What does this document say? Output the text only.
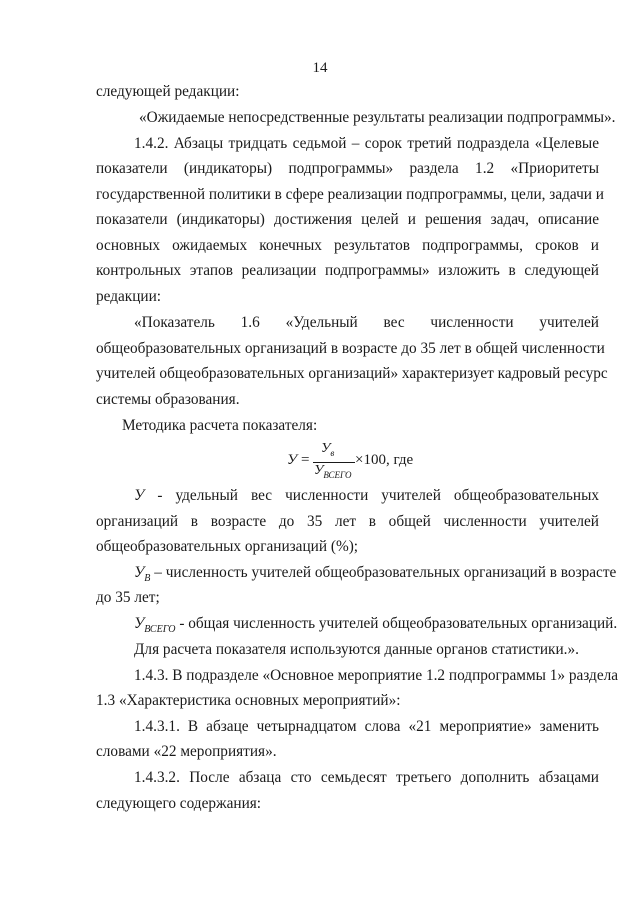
14
следующей редакции:
«Ожидаемые непосредственные результаты реализации подпрограммы».
1.4.2. Абзацы тридцать седьмой – сорок третий подраздела «Целевые
показатели (индикаторы) подпрограммы» раздела 1.2 «Приоритеты
государственной политики в сфере реализации подпрограммы, цели, задачи и
показатели (индикаторы) достижения целей и решения задач, описание
основных ожидаемых конечных результатов подпрограммы, сроков и
контрольных этапов реализации подпрограммы» изложить в следующей
редакции:
«Показатель 1.6 «Удельный вес численности учителей
общеобразовательных организаций в возрасте до 35 лет в общей численности
учителей общеобразовательных организаций» характеризует кадровый ресурс
системы образования.
Методика расчета показателя:
У =
$У_в$
$У_{ВСЕГО}$
×100, где
У - удельный вес численности учителей общеобразовательных
организаций в возрасте до 35 лет в общей численности учителей
общеобразовательных организаций (%);
$У_В$ – численность учителей общеобразовательных организаций в возрасте
до 35 лет;
$У_{ВСЕГО}$ - общая численность учителей общеобразовательных организаций.
Для расчета показателя используются данные органов статистики.».
1.4.3. В подразделе «Основное мероприятие 1.2 подпрограммы 1» раздела
1.3 «Характеристика основных мероприятий»:
1.4.3.1. В абзаце четырнадцатом слова «21 мероприятие» заменить
словами «22 мероприятия».
1.4.3.2. После абзаца сто семьдесят третьего дополнить абзацами
следующего содержания:
